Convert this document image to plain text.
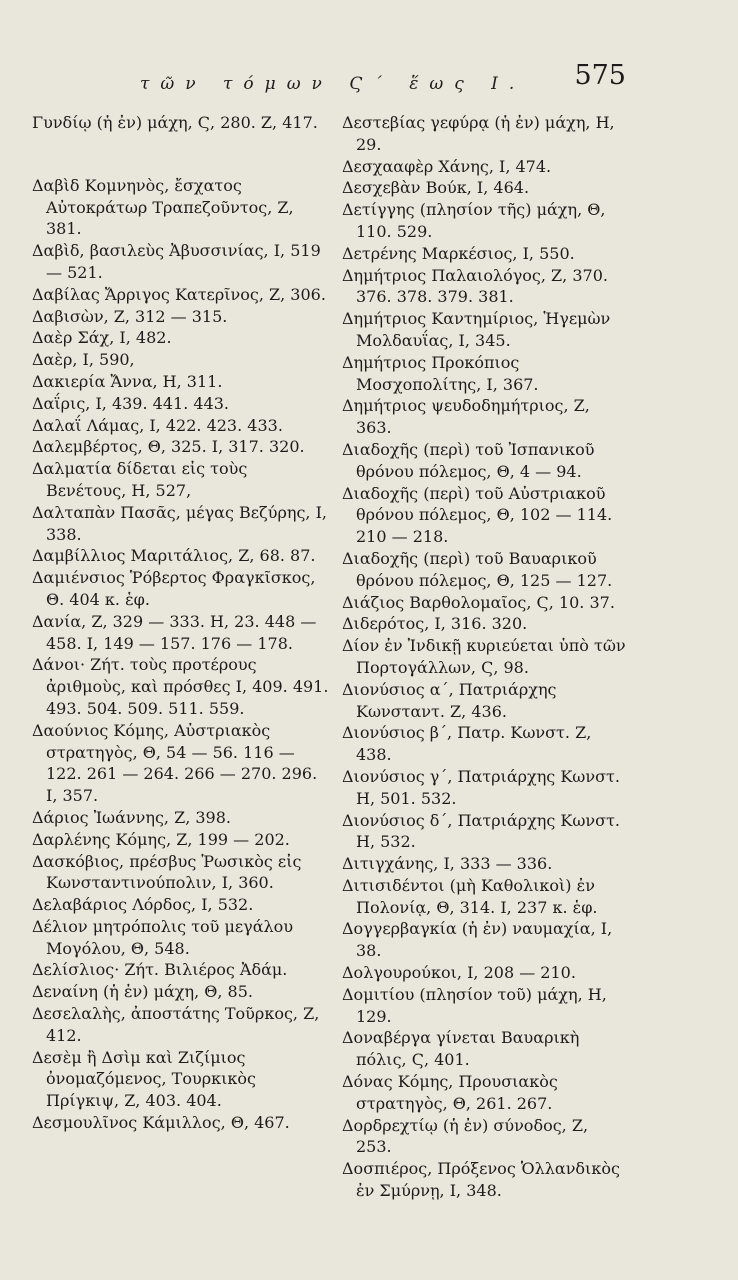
τῶν τόμων Ϛ΄ ἕως Ι. 575
Γυνδίῳ (ἡ ἐν) μάχη, Ϛ, 280. Ζ, 417.
Δαβὶδ Κομνηνὸς, ἔσχατος Αὐτοκράτωρ Τραπεζοῦντος, Ζ, 381.
Δαβὶδ, βασιλεὺς Ἀβυσσινίας, Ι, 519 — 521.
Δαβίλας Ἄρριγος Κατερῖνος, Ζ, 306.
Δαβισὼν, Ζ, 312 — 315.
Δαὲρ Σάχ, Ι, 482.
Δαὲρ, Ι, 590,
Δακιερία Ἄννα, Η, 311.
Δαΐρις, Ι, 439. 441. 443.
Δαλαΐ Λάμας, Ι, 422. 423. 433.
Δαλεμβέρτος, Θ, 325. Ι, 317. 320.
Δαλματία δίδεται εἰς τοὺς Βενέτους, Η, 527,
Δαλταπὰν Πασᾶς, μέγας Βεζύρης, Ι, 338.
Δαμβίλλιος Μαριτάλιος, Ζ, 68. 87.
Δαμιένσιος Ῥόβερτος Φραγκῖσκος, Θ. 404 κ. ἑφ.
Δανία, Ζ, 329 — 333. Η, 23. 448 — 458. Ι, 149 — 157. 176 — 178.
Δάνοι· Ζήτ. τοὺς προτέρους ἀριθμοὺς, καὶ πρόσθες Ι, 409. 491. 493. 504. 509. 511. 559.
Δαούνιος Κόμης, Αὐστριακὸς στρατηγὸς, Θ, 54 — 56. 116 — 122. 261 — 264. 266 — 270. 296. Ι, 357.
Δάριος Ἰωάννης, Ζ, 398.
Δαρλένης Κόμης, Ζ, 199 — 202.
Δασκόβιος, πρέσβυς Ῥωσικὸς εἰς Κωνσταντινούπολιν, Ι, 360.
Δελαβάριος Λόρδος, Ι, 532.
Δέλιον μητρόπολις τοῦ μεγάλου Μογόλου, Θ, 548.
Δελίσλιος· Ζήτ. Βιλιέρος Ἀδάμ.
Δεναίνη (ἡ ἐν) μάχη, Θ, 85.
Δεσελαλὴς, ἀποστάτης Τοῦρκος, Ζ, 412.
Δεσὲμ ἢ Δσὶμ καὶ Ζιζίμιος ὀνομαζόμενος, Τουρκικὸς Πρίγκιψ, Ζ, 403. 404.
Δεσμουλῖνος Κάμιλλος, Θ, 467.
Δεστεβίας γεφύρᾳ (ἡ ἐν) μάχη, Η, 29.
Δεσχααφὲρ Χάνης, Ι, 474.
Δεσχεβὰν Βούκ, Ι, 464.
Δετίγγης (πλησίον τῆς) μάχη, Θ, 110. 529.
Δετρένης Μαρκέσιος, Ι, 550.
Δημήτριος Παλαιολόγος, Ζ, 370. 376. 378. 379. 381.
Δημήτριος Καντημίριος, Ἡγεμὼν Μολδαυΐας, Ι, 345.
Δημήτριος Προκόπιος Μοσχοπολίτης, Ι, 367.
Δημήτριος ψευδοδημήτριος, Ζ, 363.
Διαδοχῆς (περὶ) τοῦ Ἰσπανικοῦ θρόνου πόλεμος, Θ, 4 — 94.
Διαδοχῆς (περὶ) τοῦ Αὐστριακοῦ θρόνου πόλεμος, Θ, 102 — 114. 210 — 218.
Διαδοχῆς (περὶ) τοῦ Βαυαρικοῦ θρόνου πόλεμος, Θ, 125 — 127.
Διάζιος Βαρθολομαῖος, Ϛ, 10. 37.
Διδερότος, Ι, 316. 320.
Δίον ἐν Ἰνδικῇ κυριεύεται ὑπὸ τῶν Πορτογάλλων, Ϛ, 98.
Διονύσιος α΄, Πατριάρχης Κωνσταντ. Ζ, 436.
Διονύσιος β΄, Πατρ. Κωνστ. Ζ, 438.
Διονύσιος γ΄, Πατριάρχης Κωνστ. Η, 501. 532.
Διονύσιος δ΄, Πατριάρχης Κωνστ. Η, 532.
Διτιγχάνης, Ι, 333 — 336.
Διτισιδέντοι (μὴ Καθολικοὶ) ἐν Πολονίᾳ, Θ, 314. Ι, 237 κ. ἑφ.
Δογγερβαγκία (ἡ ἐν) ναυμαχία, Ι, 38.
Δολγουρούκοι, Ι, 208 — 210.
Δομιτίου (πλησίον τοῦ) μάχη, Η, 129.
Δοναβέργα γίνεται Βαυαρικὴ πόλις, Ϛ, 401.
Δόνας Κόμης, Προυσιακὸς στρατηγὸς, Θ, 261. 267.
Δορδρεχτίῳ (ἡ ἐν) σύνοδος, Ζ, 253.
Δοσπιέρος, Πρόξενος Ὁλλανδικὸς ἐν Σμύρνῃ, Ι, 348.
